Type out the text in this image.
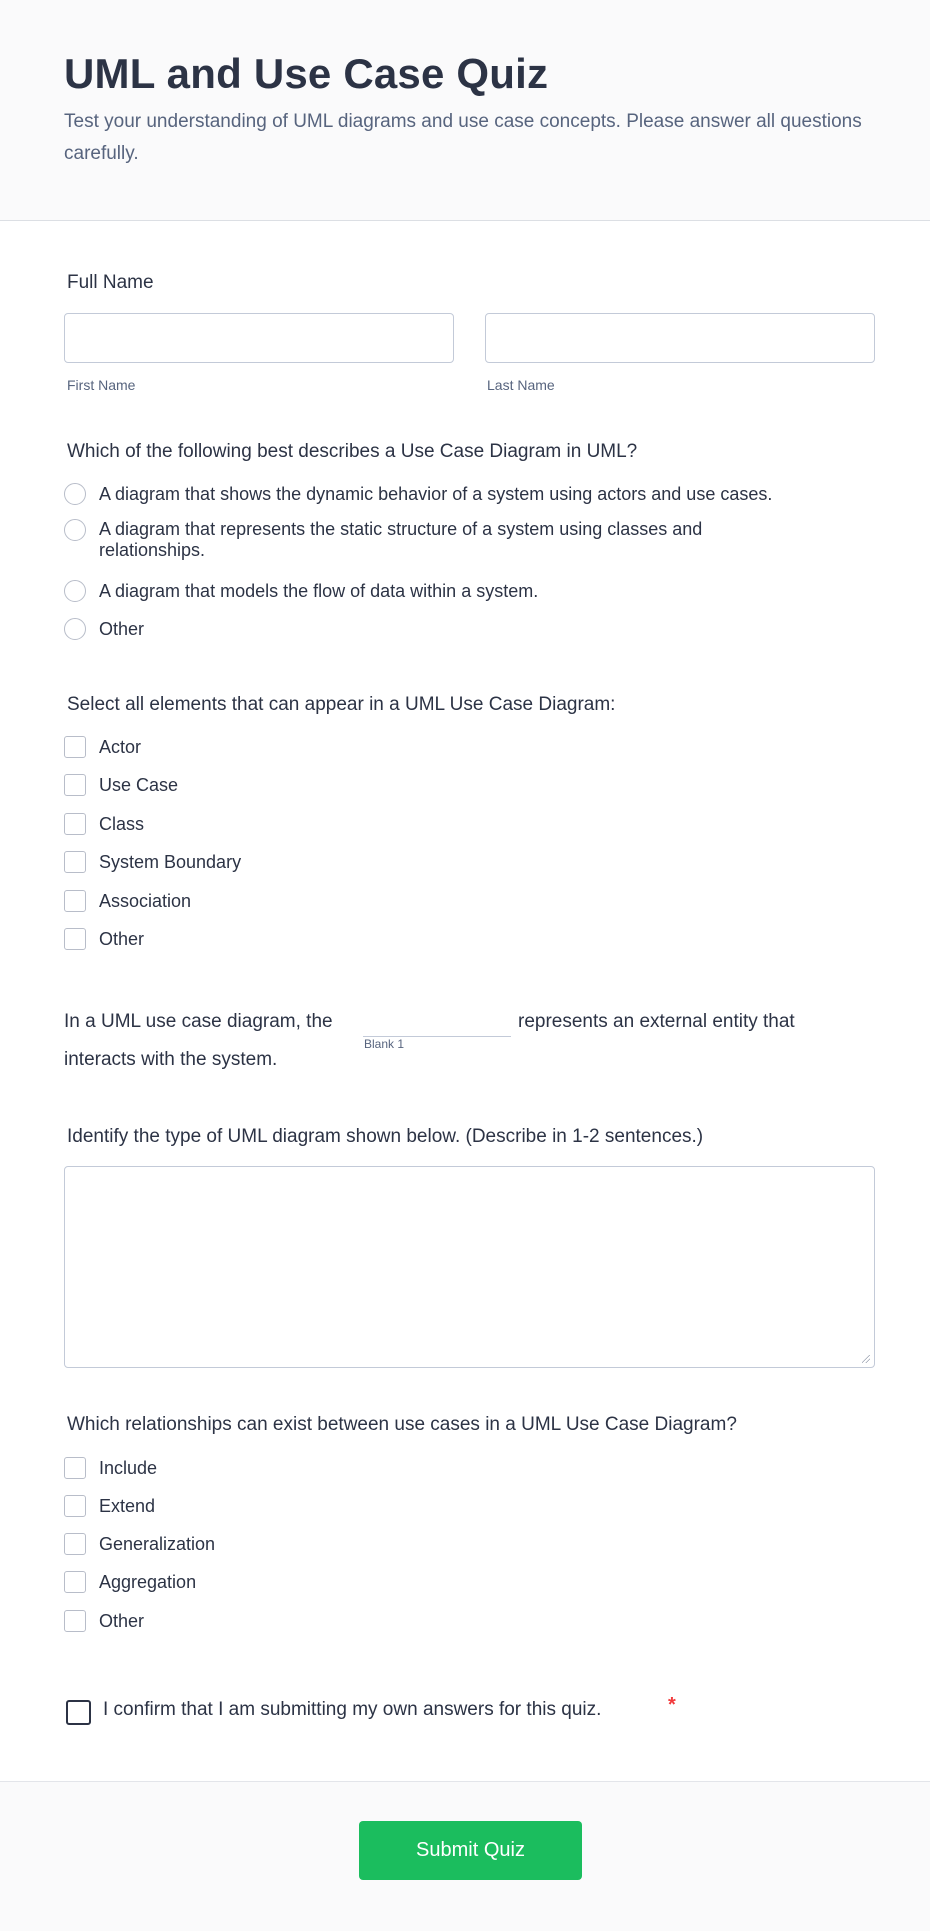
UML and Use Case Quiz

Test your understanding of UML diagrams and use case concepts. Please answer all questions carefully.

Full Name
First Name	Last Name
Which of the following best describes a Use Case Diagram in UML?
A diagram that shows the dynamic behavior of a system using actors and use cases.
A diagram that represents the static structure of a system using classes and relationships.
A diagram that models the flow of data within a system.
Other
Select all elements that can appear in a UML Use Case Diagram:
Actor
Use Case
Class
System Boundary
Association
Other
In a UML use case diagram, the
Blank 1
represents an external entity that
interacts with the system.
Identify the type of UML diagram shown below. (Describe in 1-2 sentences.)
Which relationships can exist between use cases in a UML Use Case Diagram?
Include
Extend
Generalization
Aggregation
Other
I confirm that I am submitting my own answers for this quiz.	*
Submit Quiz
